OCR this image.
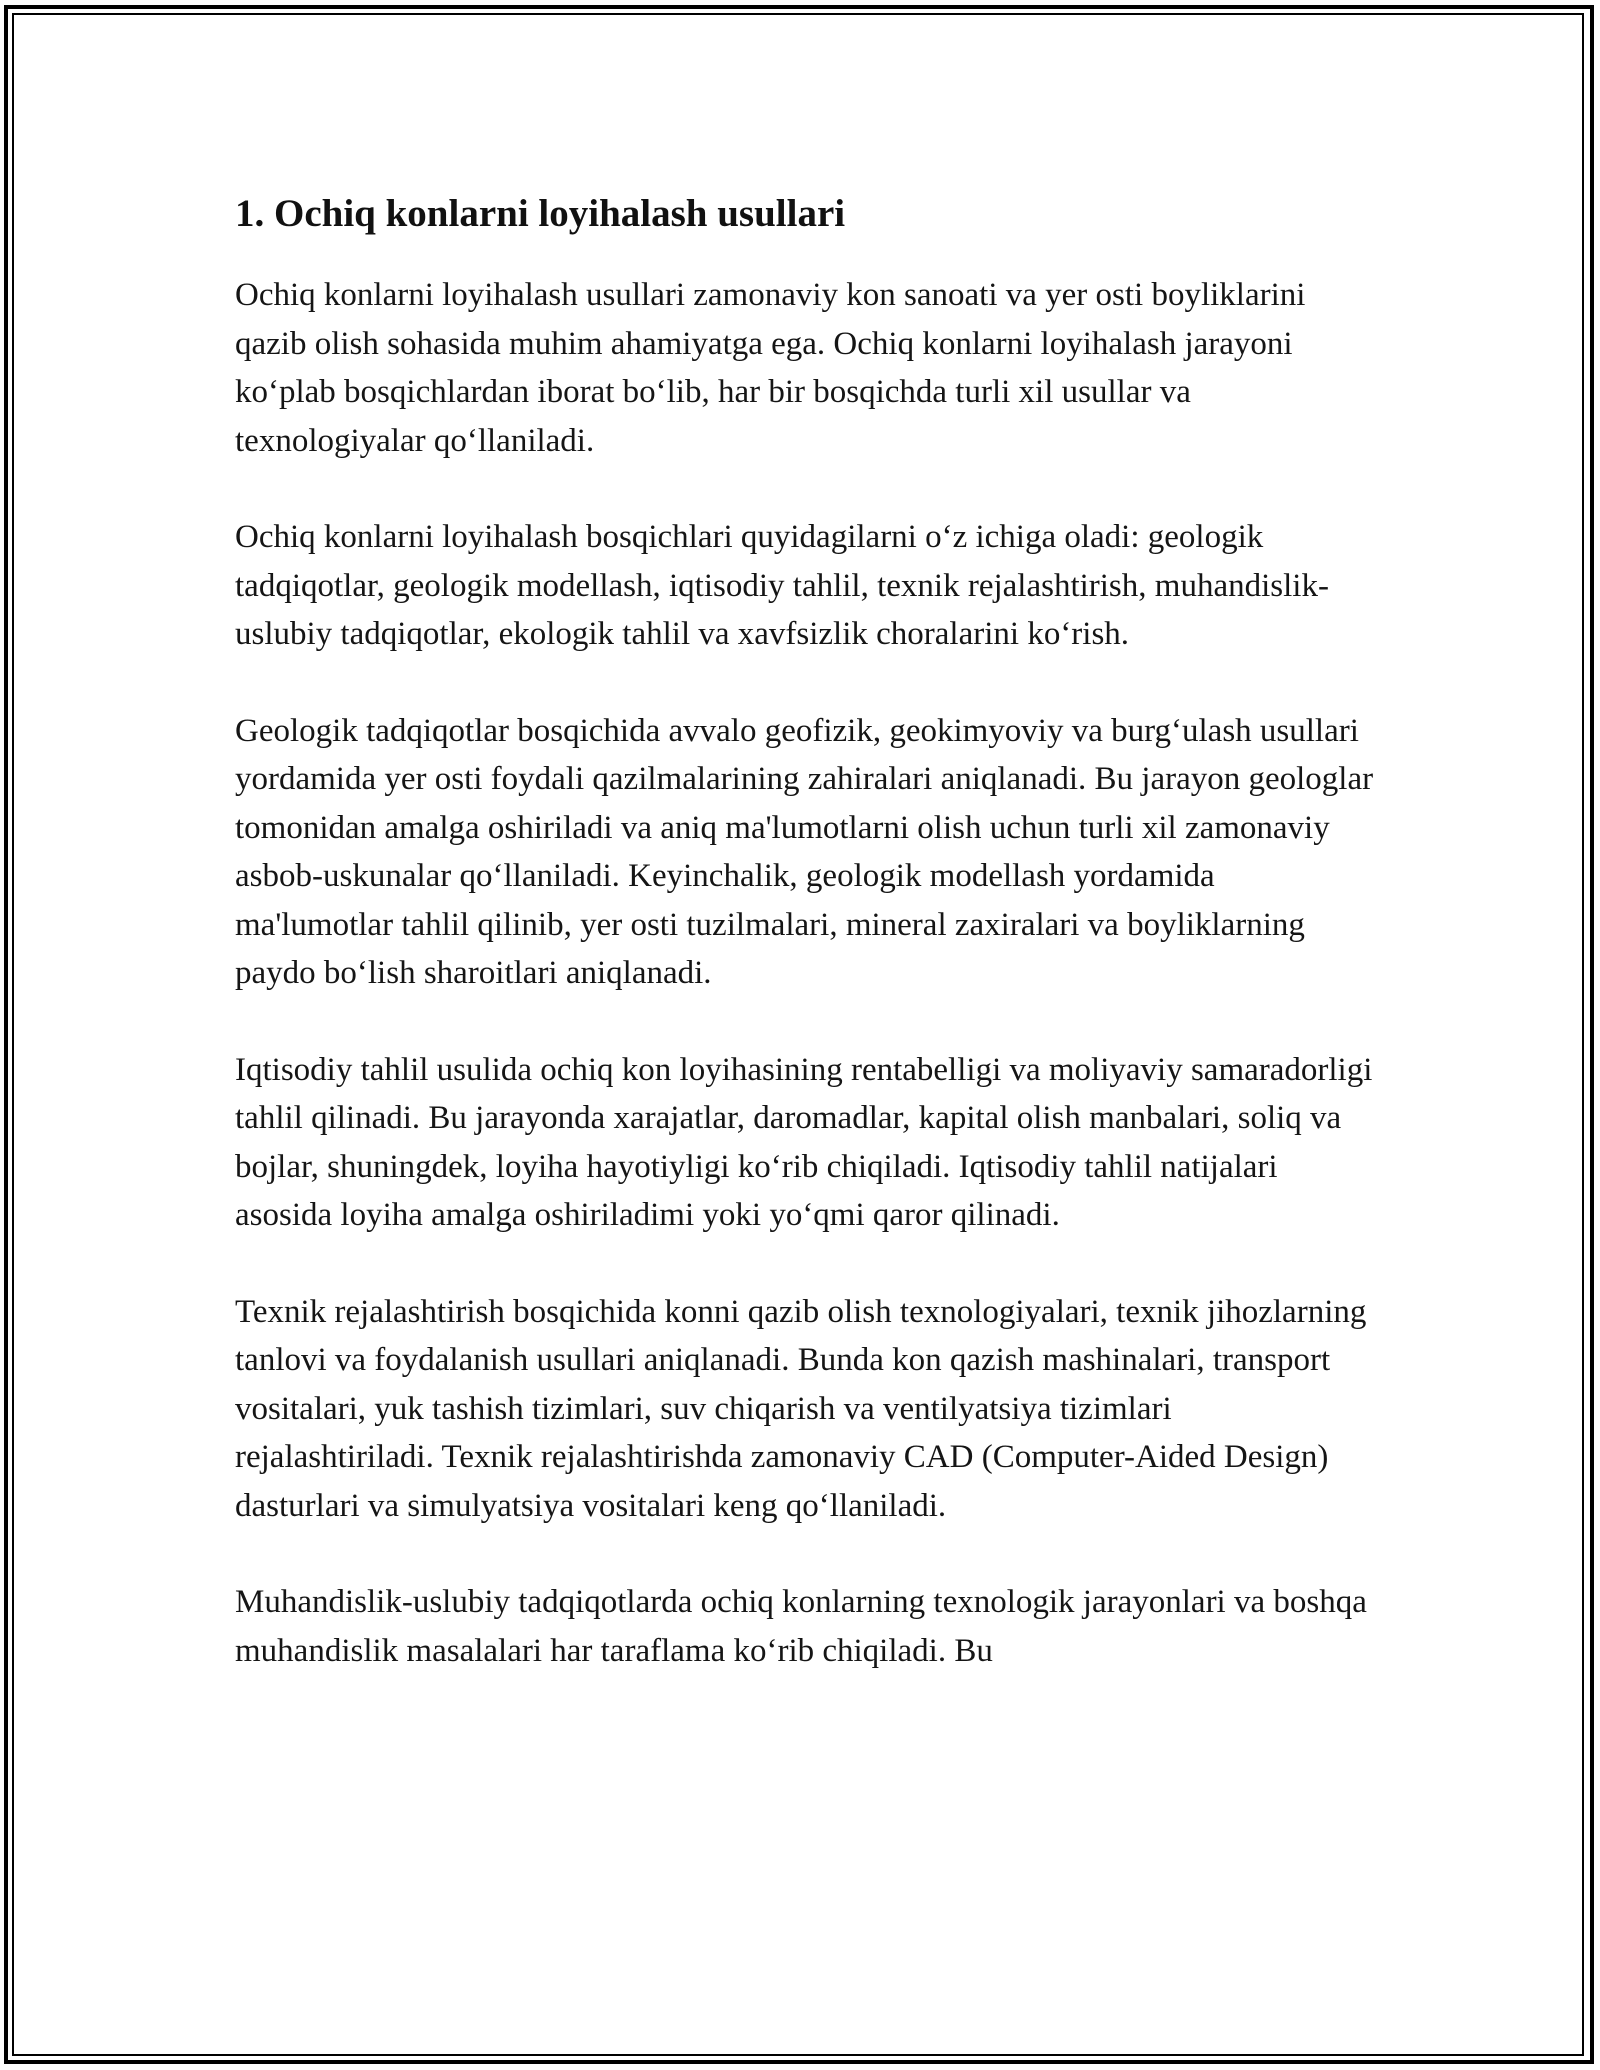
1. Ochiq konlarni loyihalash usullari

Ochiq konlarni loyihalash usullari zamonaviy kon sanoati va yer osti boyliklarini qazib olish sohasida muhim ahamiyatga ega. Ochiq konlarni loyihalash jarayoni ko‘plab bosqichlardan iborat bo‘lib, har bir bosqichda turli xil usullar va texnologiyalar qo‘llaniladi.

Ochiq konlarni loyihalash bosqichlari quyidagilarni o‘z ichiga oladi: geologik tadqiqotlar, geologik modellash, iqtisodiy tahlil, texnik rejalashtirish, muhandislik-uslubiy tadqiqotlar, ekologik tahlil va xavfsizlik choralarini ko‘rish.

Geologik tadqiqotlar bosqichida avvalo geofizik, geokimyoviy va burg‘ulash usullari yordamida yer osti foydali qazilmalarining zahiralari aniqlanadi. Bu jarayon geologlar tomonidan amalga oshiriladi va aniq ma'lumotlarni olish uchun turli xil zamonaviy asbob-uskunalar qo‘llaniladi. Keyinchalik, geologik modellash yordamida ma'lumotlar tahlil qilinib, yer osti tuzilmalari, mineral zaxiralari va boyliklarning paydo bo‘lish sharoitlari aniqlanadi.

Iqtisodiy tahlil usulida ochiq kon loyihasining rentabelligi va moliyaviy samaradorligi tahlil qilinadi. Bu jarayonda xarajatlar, daromadlar, kapital olish manbalari, soliq va bojlar, shuningdek, loyiha hayotiyligi ko‘rib chiqiladi. Iqtisodiy tahlil natijalari asosida loyiha amalga oshiriladimi yoki yo‘qmi qaror qilinadi.

Texnik rejalashtirish bosqichida konni qazib olish texnologiyalari, texnik jihozlarning tanlovi va foydalanish usullari aniqlanadi. Bunda kon qazish mashinalari, transport vositalari, yuk tashish tizimlari, suv chiqarish va ventilyatsiya tizimlari rejalashtiriladi. Texnik rejalashtirishda zamonaviy CAD (Computer-Aided Design) dasturlari va simulyatsiya vositalari keng qo‘llaniladi.

Muhandislik-uslubiy tadqiqotlarda ochiq konlarning texnologik jarayonlari va boshqa muhandislik masalalari har taraflama ko‘rib chiqiladi. Bu
